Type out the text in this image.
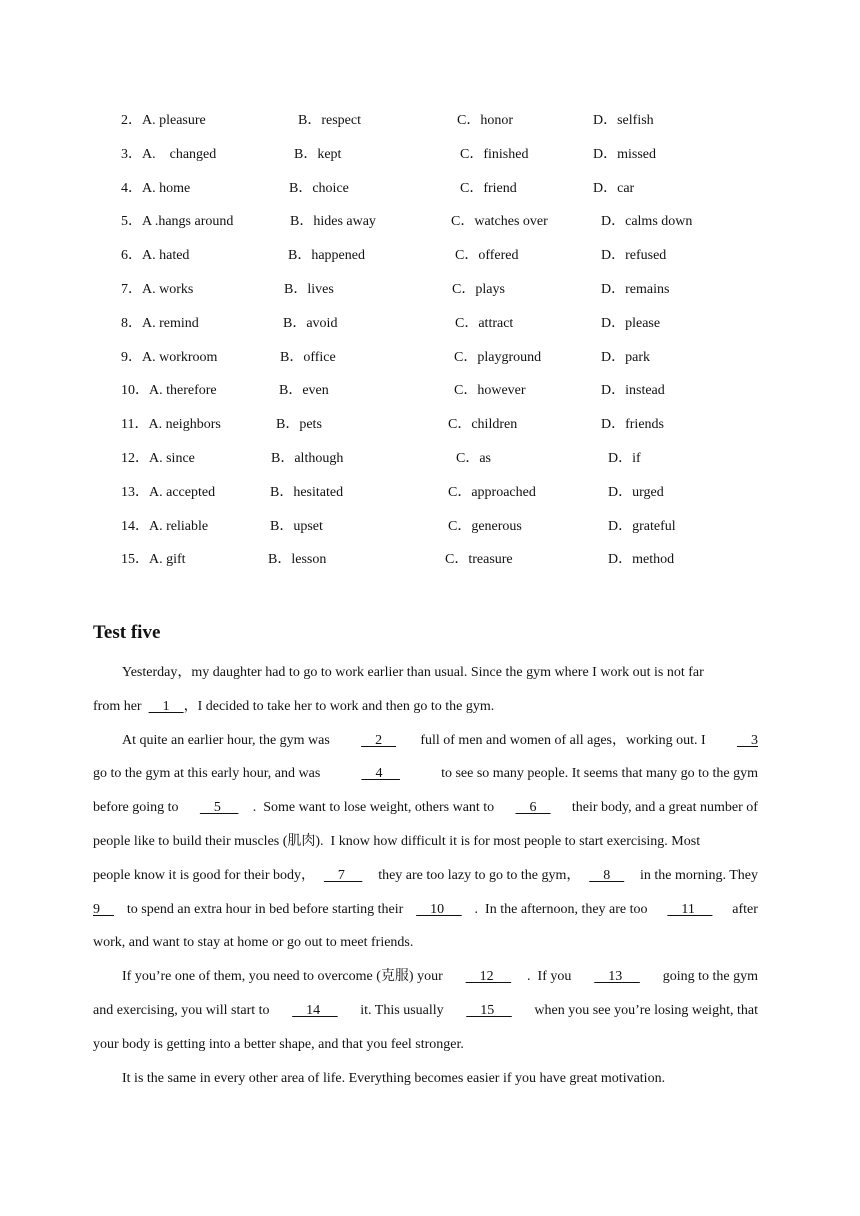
2．A. pleasure	B．respect	C．honor	D．selfish
3．A.    changed	B．kept	C．finished	D．missed
4．A. home	B．choice	C．friend	D．car
5．A .hangs around	B．hides away	C．watches over	D．calms down
6．A. hated	B．happened	C．offered	D．refused
7．A. works	B．lives	C．plays	D．remains
8．A. remind	B．avoid	C．attract	D．please
9．A. workroom	B．office	C．playground	D．park
10．A. therefore	B．even	C．however	D．instead
11．A. neighbors	B．pets	C．children	D．friends
12．A. since	B．although	C．as	D．if
13．A. accepted	B．hesitated	C．approached	D．urged
14．A. reliable	B．upset	C．generous	D．grateful
15．A. gift	B．lesson	C．treasure	D．method
Test five
Yesterday，my daughter had to go to work earlier than usual. Since the gym where I work out is not far
from her 1 ，I decided to take her to work and then go to the gym.
At quite an earlier hour, the gym was 2 full of men and women of all ages，working out. I 3
go to the gym at this early hour, and was 4 to see so many people. It seems that many go to the gym
before going to 5 .  Some want to lose weight, others want to 6 their body, and a great number of
people like to build their muscles (肌肉).  I know how difficult it is for most people to start exercising. Most
people know it is good for their body， 7 they are too lazy to go to the gym， 8 in the morning. They
9 to spend an extra hour in bed before starting their 10 .  In the afternoon, they are too 11 after
work, and want to stay at home or go out to meet friends.
If you’re one of them, you need to overcome (克服) your 12 .  If you 13 going to the gym
and exercising, you will start to 14 it. This usually 15 when you see you’re losing weight, that
your body is getting into a better shape, and that you feel stronger.
It is the same in every other area of life. Everything becomes easier if you have great motivation.
